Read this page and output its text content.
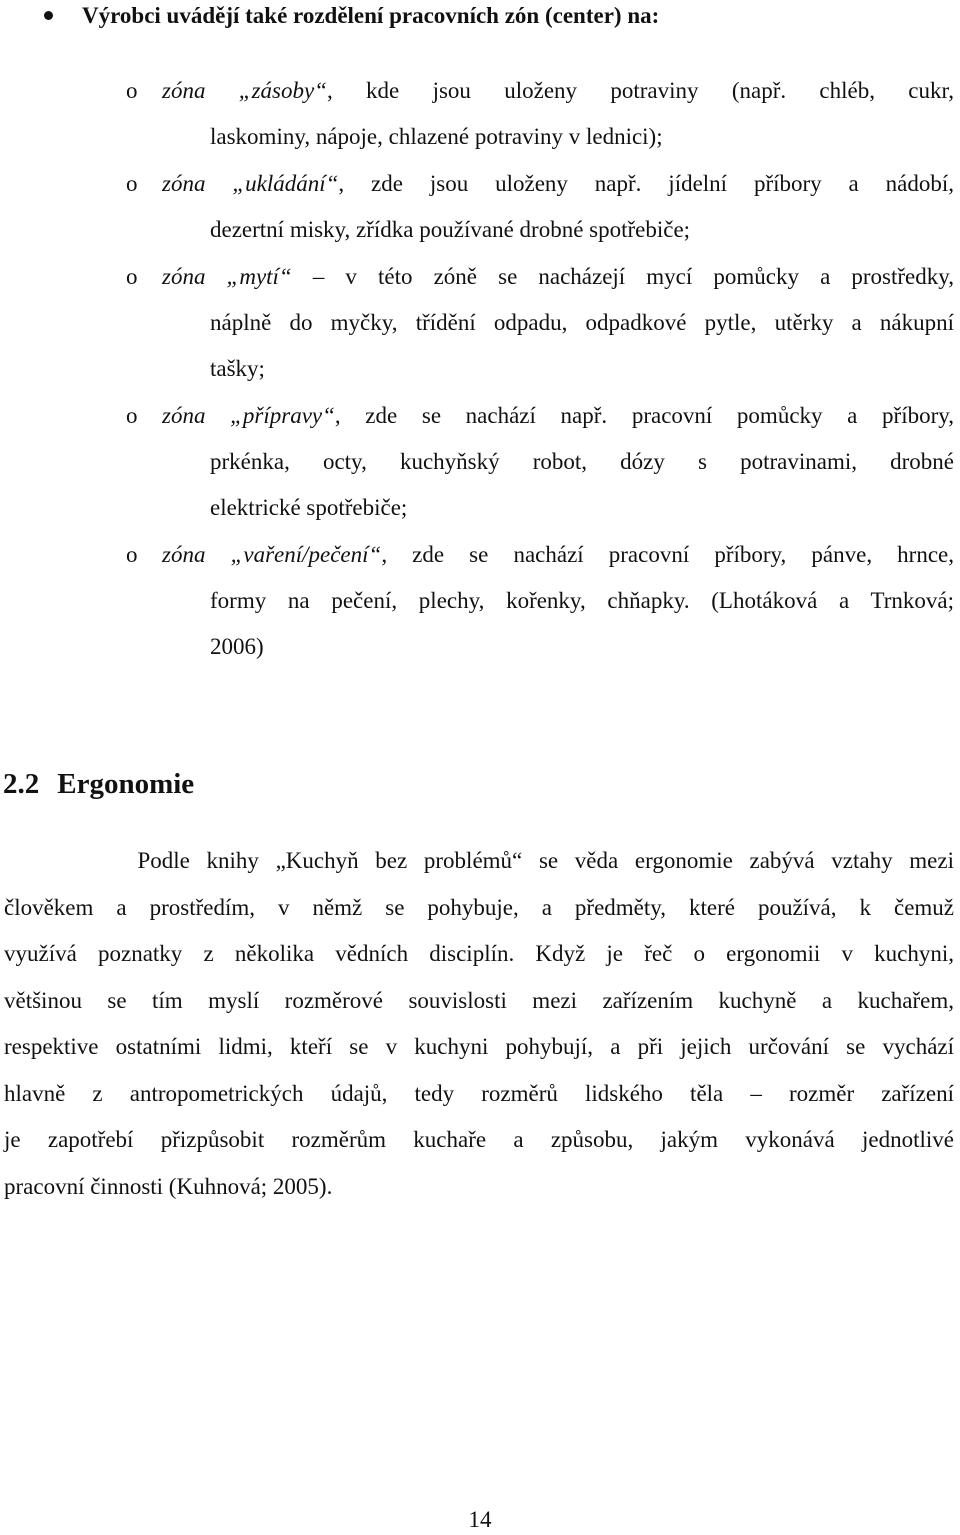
Výrobci uvádějí také rozdělení pracovních zón (center) na:
o zóna „zásoby“, kde jsou uloženy potraviny (např. chléb, cukr,
laskominy, nápoje, chlazené potraviny v lednici);
o zóna „ukládání“, zde jsou uloženy např. jídelní příbory a nádobí,
dezertní misky, zřídka používané drobné spotřebiče;
o zóna „mytí“ – v této zóně se nacházejí mycí pomůcky a prostředky,
náplně do myčky, třídění odpadu, odpadkové pytle, utěrky a nákupní
tašky;
o zóna „přípravy“, zde se nachází např. pracovní pomůcky a příbory,
prkénka, octy, kuchyňský robot, dózy s potravinami, drobné
elektrické spotřebiče;
o zóna „vaření/pečení“, zde se nachází pracovní příbory, pánve, hrnce,
formy na pečení, plechy, kořenky, chňapky. (Lhotáková a Trnková;
2006)
2.2 Ergonomie
Podle knihy „Kuchyň bez problémů“ se věda ergonomie zabývá vztahy mezi
člověkem a prostředím, v němž se pohybuje, a předměty, které používá, k čemuž
využívá poznatky z několika vědních disciplín. Když je řeč o ergonomii v kuchyni,
většinou se tím myslí rozměrové souvislosti mezi zařízením kuchyně a kuchařem,
respektive ostatními lidmi, kteří se v kuchyni pohybují, a při jejich určování se vychází
hlavně z antropometrických údajů, tedy rozměrů lidského těla – rozměr zařízení
je zapotřebí přizpůsobit rozměrům kuchaře a způsobu, jakým vykonává jednotlivé
pracovní činnosti (Kuhnová; 2005).
14
